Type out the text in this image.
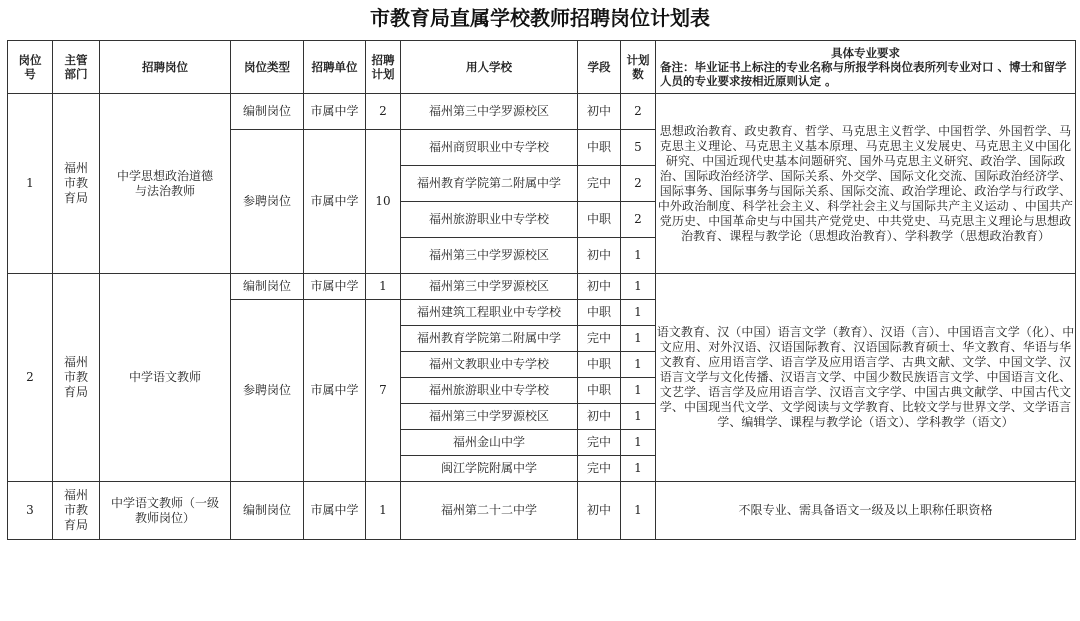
市教育局直属学校教师招聘岗位计划表
岗位号	主管部门	招聘岗位	岗位类型	招聘单位	招聘计划	用人学校	学段	计划数	具体专业要求
备注：毕业证书上标注的专业名称与所报学科岗位表所列专业对口 、博士和留学人员的专业要求按相近原则认定 。

1	福州市教育局	中学思想政治道德与法治教师	编制岗位	市属中学	2	福州第三中学罗源校区	初中	2	思想政治教育、政史教育、哲学、马克思主义哲学、中国哲学、外国哲学、马克思主义理论、马克思主义基本原理、马克思主义发展史、马克思主义中国化研究、中国近现代史基本问题研究、国外马克思主义研究、政治学、国际政治、国际政治经济学、国际关系、外交学、国际文化交流、国际政治经济学、国际事务、国际事务与国际关系、国际交流、政治学理论、政治学与行政学、中外政治制度、科学社会主义、科学社会主义与国际共产主义运动 、中国共产党历史、中国革命史与中国共产党党史、中共党史、马克思主义理论与思想政治教育、课程与教学论（思想政治教育）、学科教学（思想政治教育）
			参聘岗位	市属中学	10	福州商贸职业中专学校	中职	5	
						福州教育学院第二附属中学	完中	2	
						福州旅游职业中专学校	中职	2	
						福州第三中学罗源校区	初中	1	
2	福州市教育局	中学语文教师	编制岗位	市属中学	1	福州第三中学罗源校区	初中	1	语文教育、汉（中国）语言文学（教育）、汉语（言）、中国语言文学（化）、中文应用、对外汉语、汉语国际教育、汉语国际教育硕士、华文教育、华语与华文教育、应用语言学、语言学及应用语言学、古典文献、文学、中国文学、汉语言文学与文化传播、汉语言文学、中国少数民族语言文学、中国语言文化、文艺学、语言学及应用语言学、汉语言文字学、中国古典文献学、中国古代文学、中国现当代文学、文学阅读与文学教育、比较文学与世界文学、文学语言学、编辑学、课程与教学论（语文）、学科教学（语文）
			参聘岗位	市属中学	7	福州建筑工程职业中专学校	中职	1	
						福州教育学院第二附属中学	完中	1	
						福州文教职业中专学校	中职	1	
						福州旅游职业中专学校	中职	1	
						福州第三中学罗源校区	初中	1	
						福州金山中学	完中	1	
						闽江学院附属中学	完中	1	
3	福州市教育局	中学语文教师（一级教师岗位）	编制岗位	市属中学	1	福州第二十二中学	初中	1	不限专业、需具备语文一级及以上职称任职资格
